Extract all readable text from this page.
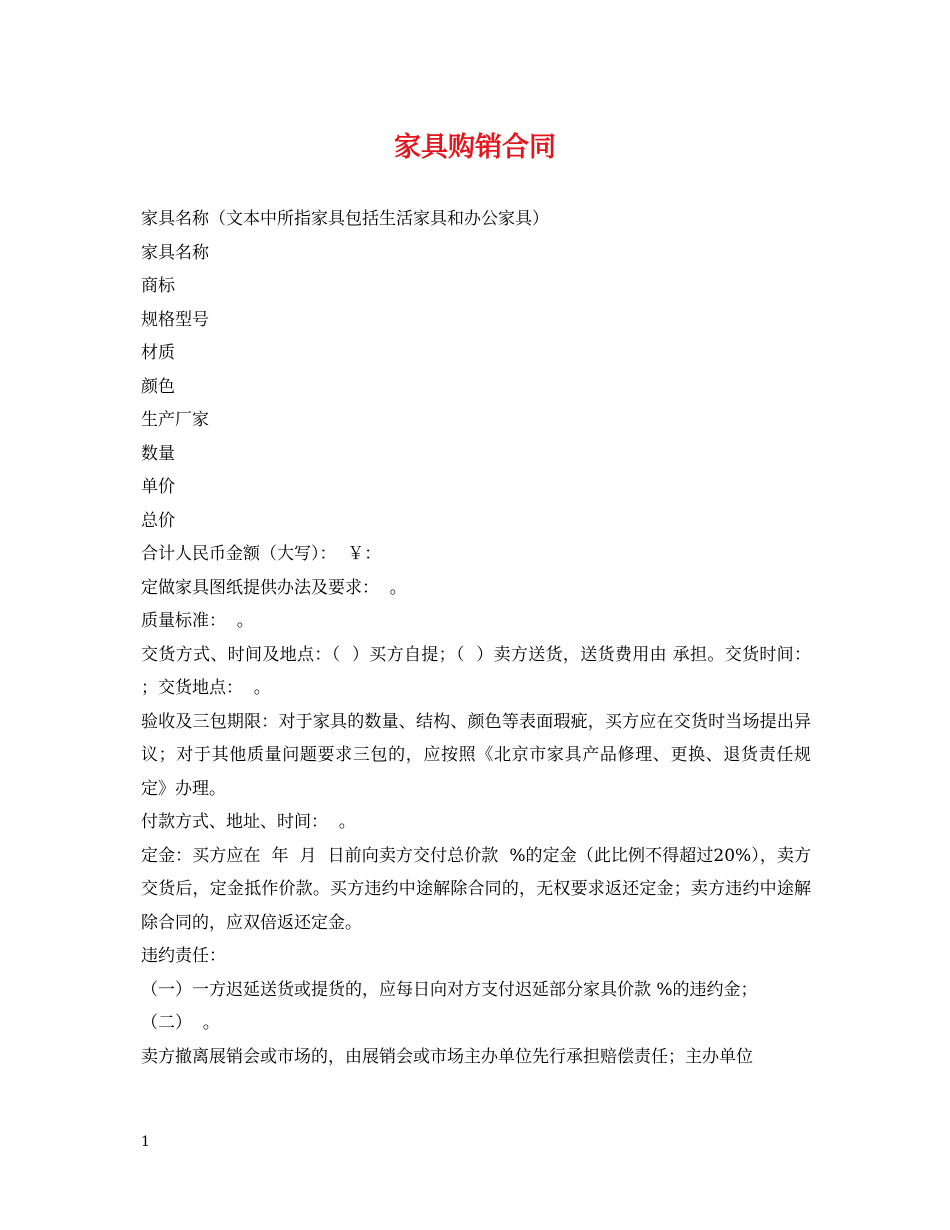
家具购销合同

家具名称（文本中所指家具包括生活家具和办公家具）

家具名称

商标

规格型号

材质

颜色

生产厂家

数量

单价

总价

合计人民币金额（大写）：  ￥：

定做家具图纸提供办法及要求：  。

质量标准：  。

交货方式、时间及地点：（  ）买方自提；（  ）卖方送货，送货费用由 承担。交货时间：  ；交货地点：  。

验收及三包期限：对于家具的数量、结构、颜色等表面瑕疵，买方应在交货时当场提出异议；对于其他质量问题要求三包的，应按照《北京市家具产品修理、更换、退货责任规定》办理。

付款方式、地址、时间：  。

定金：买方应在  年  月  日前向卖方交付总价款  %的定金（此比例不得超过20%），卖方交货后，定金抵作价款。买方违约中途解除合同的，无权要求返还定金；卖方违约中途解除合同的，应双倍返还定金。

违约责任：

（一）一方迟延送货或提货的，应每日向对方支付迟延部分家具价款 %的违约金；

（二）  。

卖方撤离展销会或市场的，由展销会或市场主办单位先行承担赔偿责任；主办单位

1
